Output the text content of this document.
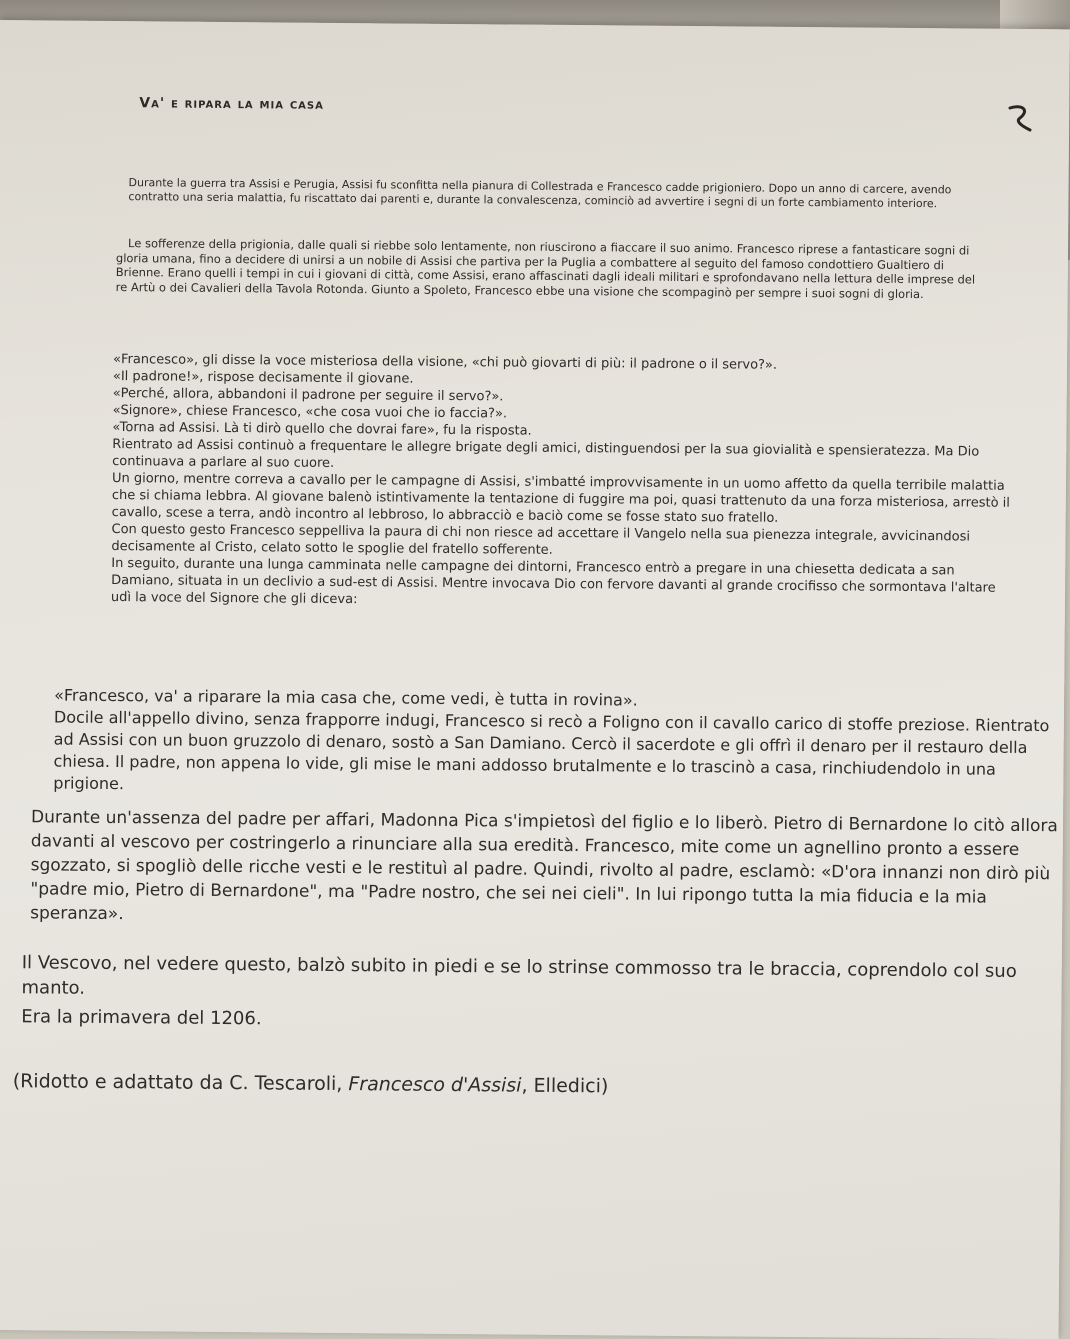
Va' e ripara la mia casa

Durante la guerra tra Assisi e Perugia, Assisi fu sconfitta nella pianura di Collestrada e Francesco cadde prigioniero. Dopo un anno di carcere, avendo contratto una seria malattia, fu riscattato dai parenti e, durante la convalescenza, cominciò ad avvertire i segni di un forte cambiamento interiore.

Le sofferenze della prigionia, dalle quali si riebbe solo lentamente, non riuscirono a fiaccare il suo animo. Francesco riprese a fantasticare sogni di gloria umana, fino a decidere di unirsi a un nobile di Assisi che partiva per la Puglia a combattere al seguito del famoso condottiero Gualtiero di Brienne. Erano quelli i tempi in cui i giovani di città, come Assisi, erano affascinati dagli ideali militari e sprofondavano nella lettura delle imprese del re Artù o dei Cavalieri della Tavola Rotonda. Giunto a Spoleto, Francesco ebbe una visione che scompaginò per sempre i suoi sogni di gloria.

«Francesco», gli disse la voce misteriosa della visione, «chi può giovarti di più: il padrone o il servo?».

«Il padrone!», rispose decisamente il giovane.

«Perché, allora, abbandoni il padrone per seguire il servo?».

«Signore», chiese Francesco, «che cosa vuoi che io faccia?».

«Torna ad Assisi. Là ti dirò quello che dovrai fare», fu la risposta.

Rientrato ad Assisi continuò a frequentare le allegre brigate degli amici, distinguendosi per la sua giovialità e spensieratezza. Ma Dio continuava a parlare al suo cuore.

Un giorno, mentre correva a cavallo per le campagne di Assisi, s'imbatté improvvisamente in un uomo affetto da quella terribile malattia che si chiama lebbra. Al giovane balenò istintivamente la tentazione di fuggire ma poi, quasi trattenuto da una forza misteriosa, arrestò il cavallo, scese a terra, andò incontro al lebbroso, lo abbracciò e baciò come se fosse stato suo fratello.

Con questo gesto Francesco seppelliva la paura di chi non riesce ad accettare il Vangelo nella sua pienezza integrale, avvicinandosi decisamente al Cristo, celato sotto le spoglie del fratello sofferente.

In seguito, durante una lunga camminata nelle campagne dei dintorni, Francesco entrò a pregare in una chiesetta dedicata a san Damiano, situata in un declivio a sud-est di Assisi. Mentre invocava Dio con fervore davanti al grande crocifisso che sormontava l'altare udì la voce del Signore che gli diceva:

«Francesco, va' a riparare la mia casa che, come vedi, è tutta in rovina».

Docile all'appello divino, senza frapporre indugi, Francesco si recò a Foligno con il cavallo carico di stoffe preziose. Rientrato ad Assisi con un buon gruzzolo di denaro, sostò a San Damiano. Cercò il sacerdote e gli offrì il denaro per il restauro della chiesa. Il padre, non appena lo vide, gli mise le mani addosso brutalmente e lo trascinò a casa, rinchiudendolo in una prigione.

Durante un'assenza del padre per affari, Madonna Pica s'impietosì del figlio e lo liberò. Pietro di Bernardone lo citò allora davanti al vescovo per costringerlo a rinunciare alla sua eredità. Francesco, mite come un agnellino pronto a essere sgozzato, si spogliò delle ricche vesti e le restituì al padre. Quindi, rivolto al padre, esclamò: «D'ora innanzi non dirò più "padre mio, Pietro di Bernardone", ma "Padre nostro, che sei nei cieli". In lui ripongo tutta la mia fiducia e la mia speranza».

Il Vescovo, nel vedere questo, balzò subito in piedi e se lo strinse commosso tra le braccia, coprendolo col suo manto.

Era la primavera del 1206.

(Ridotto e adattato da C. Tescaroli, Francesco d'Assisi, Elledici)
